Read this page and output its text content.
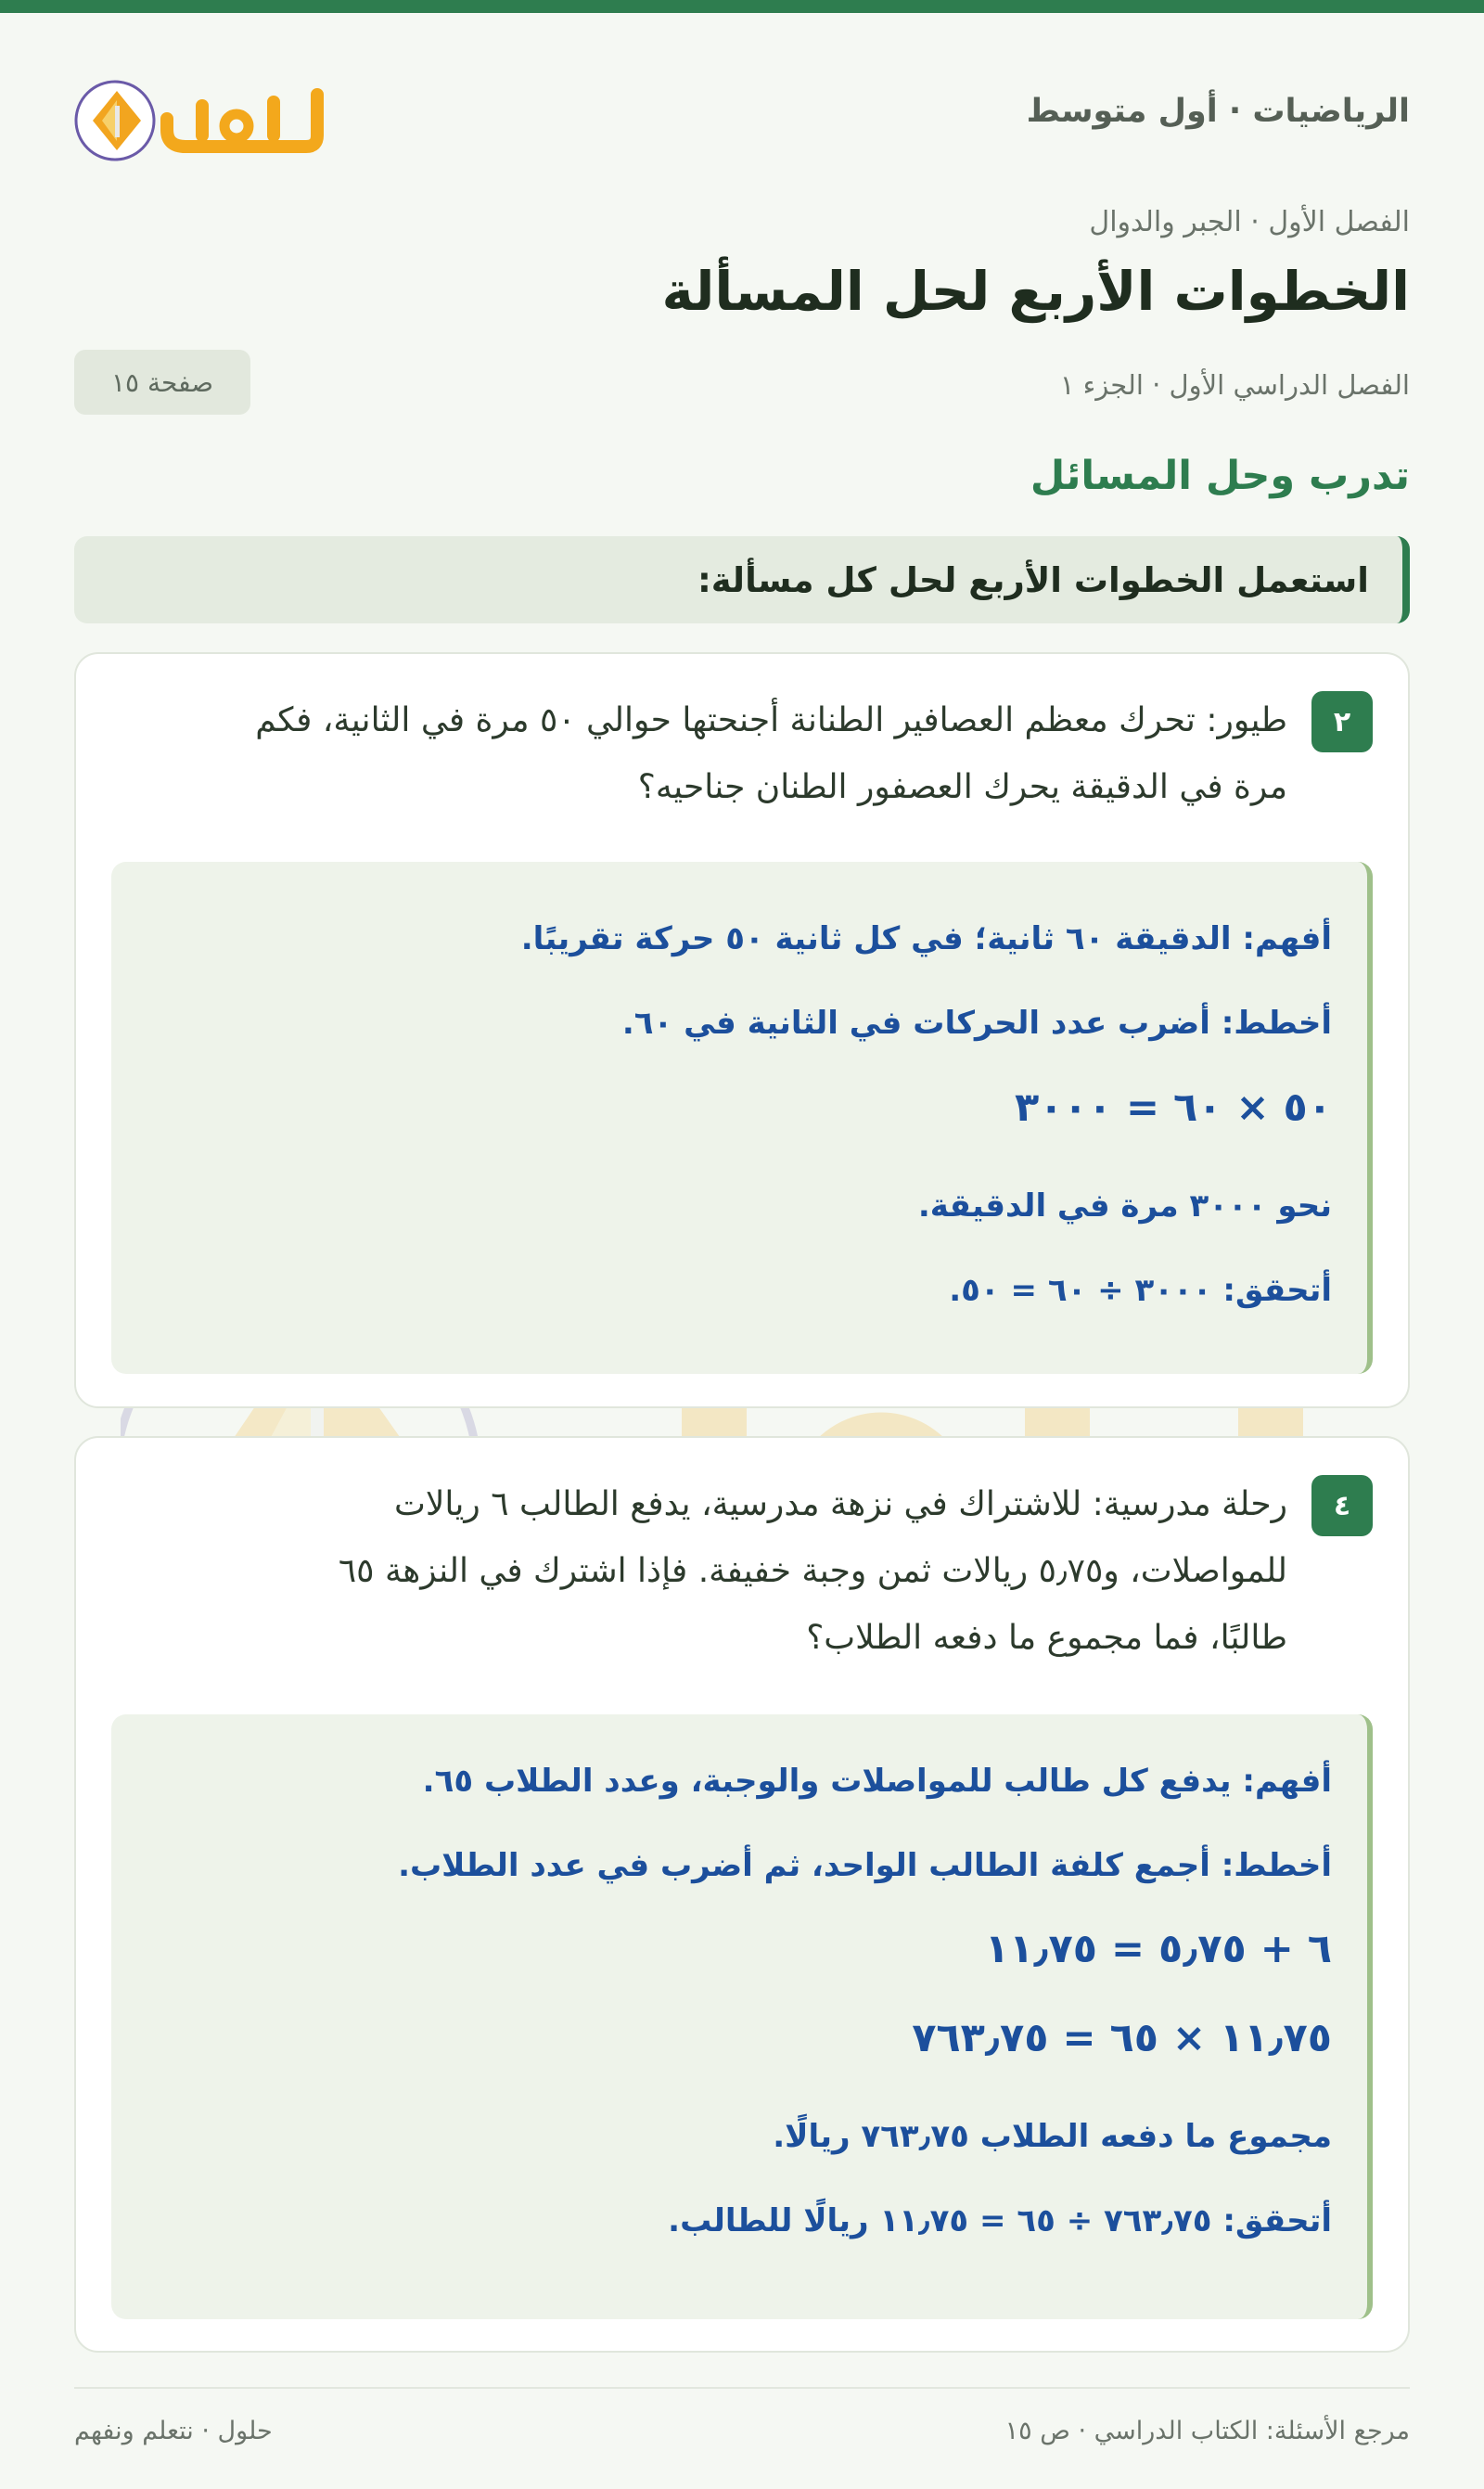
الرياضيات · أول متوسط
الفصل الأول · الجبر والدوال
الخطوات الأربع لحل المسألة
الفصل الدراسي الأول · الجزء ١
صفحة ١٥
تدرب وحل المسائل
استعمل الخطوات الأربع لحل كل مسألة:
٢
طيور: تحرك معظم العصافير الطنانة أجنحتها حوالي ٥٠ مرة في الثانية، فكم
مرة في الدقيقة يحرك العصفور الطنان جناحيه؟
أفهم: الدقيقة ٦٠ ثانية؛ في كل ثانية ٥٠ حركة تقريبًا.
أخطط: أضرب عدد الحركات في الثانية في ٦٠.
٥٠ × ٦٠ = ٣٠٠٠
نحو ٣٠٠٠ مرة في الدقيقة.
أتحقق: ٣٠٠٠ ÷ ٦٠ = ٥٠.
٤
رحلة مدرسية: للاشتراك في نزهة مدرسية، يدفع الطالب ٦ ريالات
للمواصلات، و٥٫٧٥ ريالات ثمن وجبة خفيفة. فإذا اشترك في النزهة ٦٥
طالبًا، فما مجموع ما دفعه الطلاب؟
أفهم: يدفع كل طالب للمواصلات والوجبة، وعدد الطلاب ٦٥.
أخطط: أجمع كلفة الطالب الواحد، ثم أضرب في عدد الطلاب.
٦ + ٥٫٧٥ = ١١٫٧٥
١١٫٧٥ × ٦٥ = ٧٦٣٫٧٥
مجموع ما دفعه الطلاب ٧٦٣٫٧٥ ريالًا.
أتحقق: ٧٦٣٫٧٥ ÷ ٦٥ = ١١٫٧٥ ريالًا للطالب.
مرجع الأسئلة: الكتاب الدراسي · ص ١٥
حلول · نتعلم ونفهم
